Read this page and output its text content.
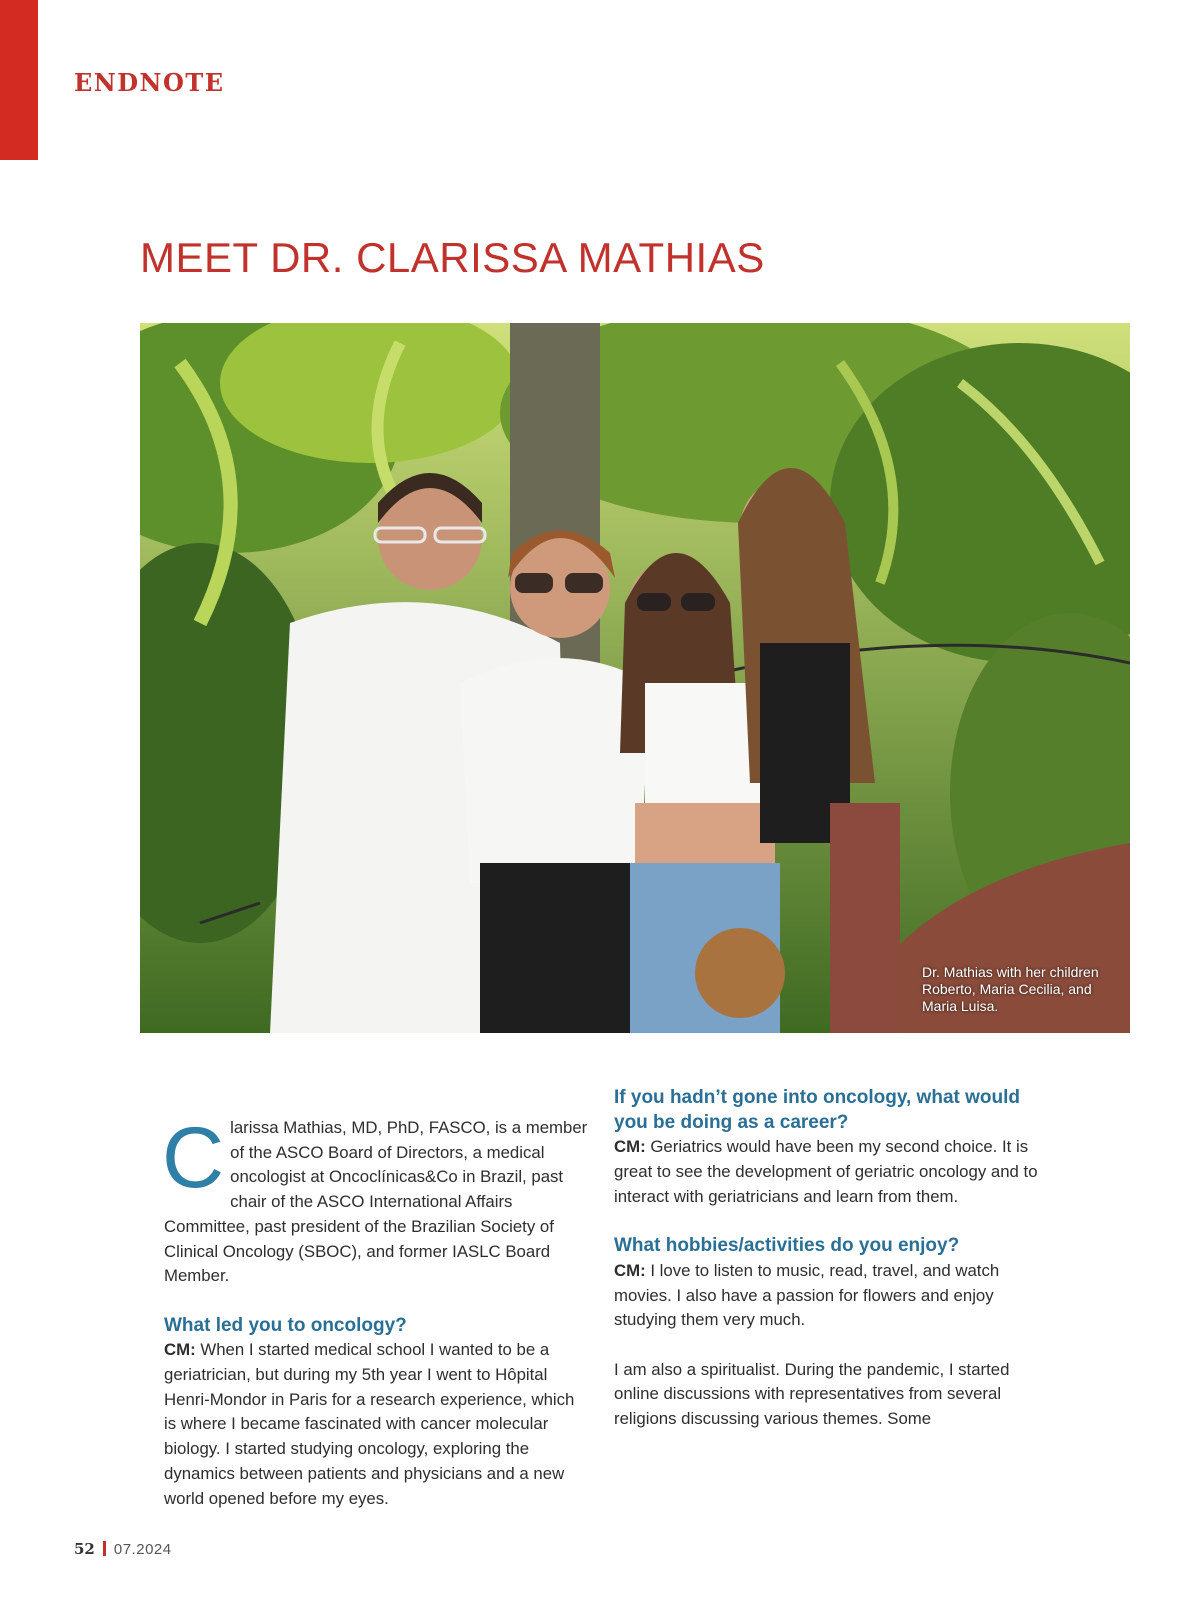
ENDNOTE
MEET DR. CLARISSA MATHIAS
Dr. Mathias with her children Roberto, Maria Cecilia, and Maria Luisa.

Clarissa Mathias, MD, PhD, FASCO, is a member of the ASCO Board of Directors, a medical oncologist at Oncoclínicas&Co in Brazil, past chair of the ASCO International Affairs Committee, past president of the Brazilian Society of Clinical Oncology (SBOC), and former IASLC Board Member.

What led you to oncology?

CM: When I started medical school I wanted to be a geriatrician, but during my 5th year I went to Hôpital Henri-Mondor in Paris for a research experience, which is where I became fascinated with cancer molecular biology. I started studying oncology, exploring the dynamics between patients and physicians and a new world opened before my eyes.

If you hadn’t gone into oncology, what would you be doing as a career?

CM: Geriatrics would have been my second choice. It is great to see the development of geriatric oncology and to interact with geriatricians and learn from them.

What hobbies/activities do you enjoy?

CM: I love to listen to music, read, travel, and watch movies. I also have a passion for flowers and enjoy studying them very much.

I am also a spiritualist. During the pandemic, I started online discussions with representatives from several religions discussing various themes. Some

52 07.2024
